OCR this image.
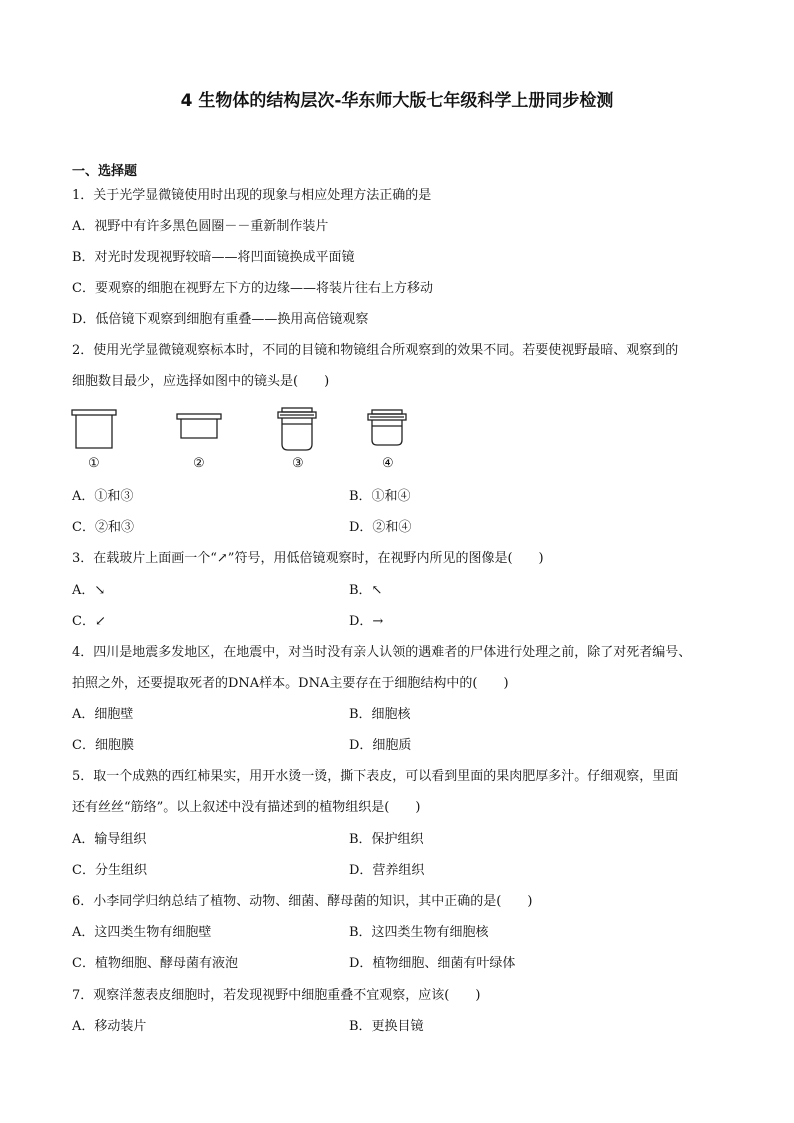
4 生物体的结构层次-华东师大版七年级科学上册同步检测
一、选择题
1．关于光学显微镜使用时出现的现象与相应处理方法正确的是
A．视野中有许多黑色圆圈－－重新制作装片
B．对光时发现视野较暗——将凹面镜换成平面镜
C．要观察的细胞在视野左下方的边缘——将装片往右上方移动
D．低倍镜下观察到细胞有重叠——换用高倍镜观察
2．使用光学显微镜观察标本时，不同的目镜和物镜组合所观察到的效果不同。若要使视野最暗、观察到的
细胞数目最少，应选择如图中的镜头是(　　)
①	②	③	④
A．①和③	B．①和④
C．②和③	D．②和④
3．在载玻片上面画一个“↗”符号，用低倍镜观察时，在视野内所见的图像是(　　)
A．↘	B．↖
C．↙	D．→
4．四川是地震多发地区，在地震中，对当时没有亲人认领的遇难者的尸体进行处理之前，除了对死者编号、
拍照之外，还要提取死者的DNA样本。DNA主要存在于细胞结构中的(　　)
A．细胞壁	B．细胞核
C．细胞膜	D．细胞质
5．取一个成熟的西红柿果实，用开水烫一烫，撕下表皮，可以看到里面的果肉肥厚多汁。仔细观察，里面
还有丝丝“筋络”。以上叙述中没有描述到的植物组织是(　　)
A．输导组织	B．保护组织
C．分生组织	D．营养组织
6．小李同学归纳总结了植物、动物、细菌、酵母菌的知识，其中正确的是(　　)
A．这四类生物有细胞壁	B．这四类生物有细胞核
C．植物细胞、酵母菌有液泡	D．植物细胞、细菌有叶绿体
7．观察洋葱表皮细胞时，若发现视野中细胞重叠不宜观察，应该(　　)
A．移动装片	B．更换目镜
